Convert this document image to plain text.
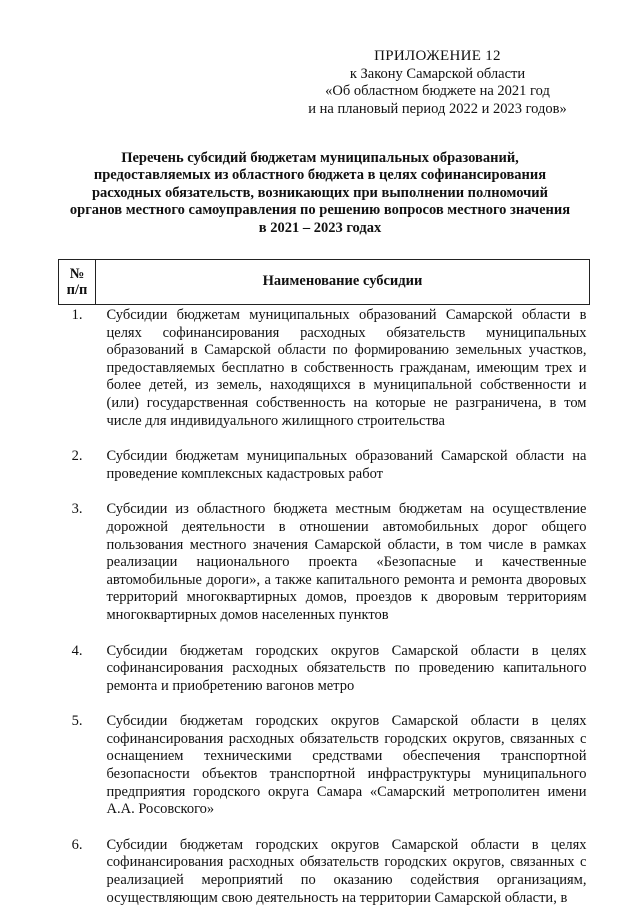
ПРИЛОЖЕНИЕ 12
к Закону Самарской области
«Об областном бюджете на 2021 год
и на плановый период 2022 и 2023 годов»
Перечень субсидий бюджетам муниципальных образований,
предоставляемых из областного бюджета в целях софинансирования
расходных обязательств, возникающих при выполнении полномочий
органов местного самоуправления по решению вопросов местного значения
в 2021 – 2023 годах
№
п/п	Наименование субсидии
1.	Субсидии бюджетам муниципальных образований Самарской области в целях софинансирования расходных обязательств муниципальных образований в Самарской области по формированию земельных участков, предоставляемых бесплатно в собственность гражданам, имеющим трех и более детей, из земель, находящихся в муниципальной собственности и (или) государственная собственность на которые не разграничена, в том числе для индивидуального жилищного строительства
2.	Субсидии бюджетам муниципальных образований Самарской области на проведение комплексных кадастровых работ
3.	Субсидии из областного бюджета местным бюджетам на осуществление дорожной деятельности в отношении автомобильных дорог общего пользования местного значения Самарской области, в том числе в рамках реализации национального проекта «Безопасные и качественные автомобильные дороги», а также капитального ремонта и ремонта дворовых территорий многоквартирных домов, проездов к дворовым территориям многоквартирных домов населенных пунктов
4.	Субсидии бюджетам городских округов Самарской области в целях софинансирования расходных обязательств по проведению капитального ремонта и приобретению вагонов метро
5.	Субсидии бюджетам городских округов Самарской области в целях софинансирования расходных обязательств городских округов, связанных с оснащением техническими средствами обеспечения транспортной безопасности объектов транспортной инфраструктуры муниципального предприятия городского округа Самара «Самарский метрополитен имени А.А. Росовского»
6.	Субсидии бюджетам городских округов Самарской области в целях софинансирования расходных обязательств городских округов, связанных с реализацией мероприятий по оказанию содействия организациям, осуществляющим свою деятельность на территории Самарской области, в
